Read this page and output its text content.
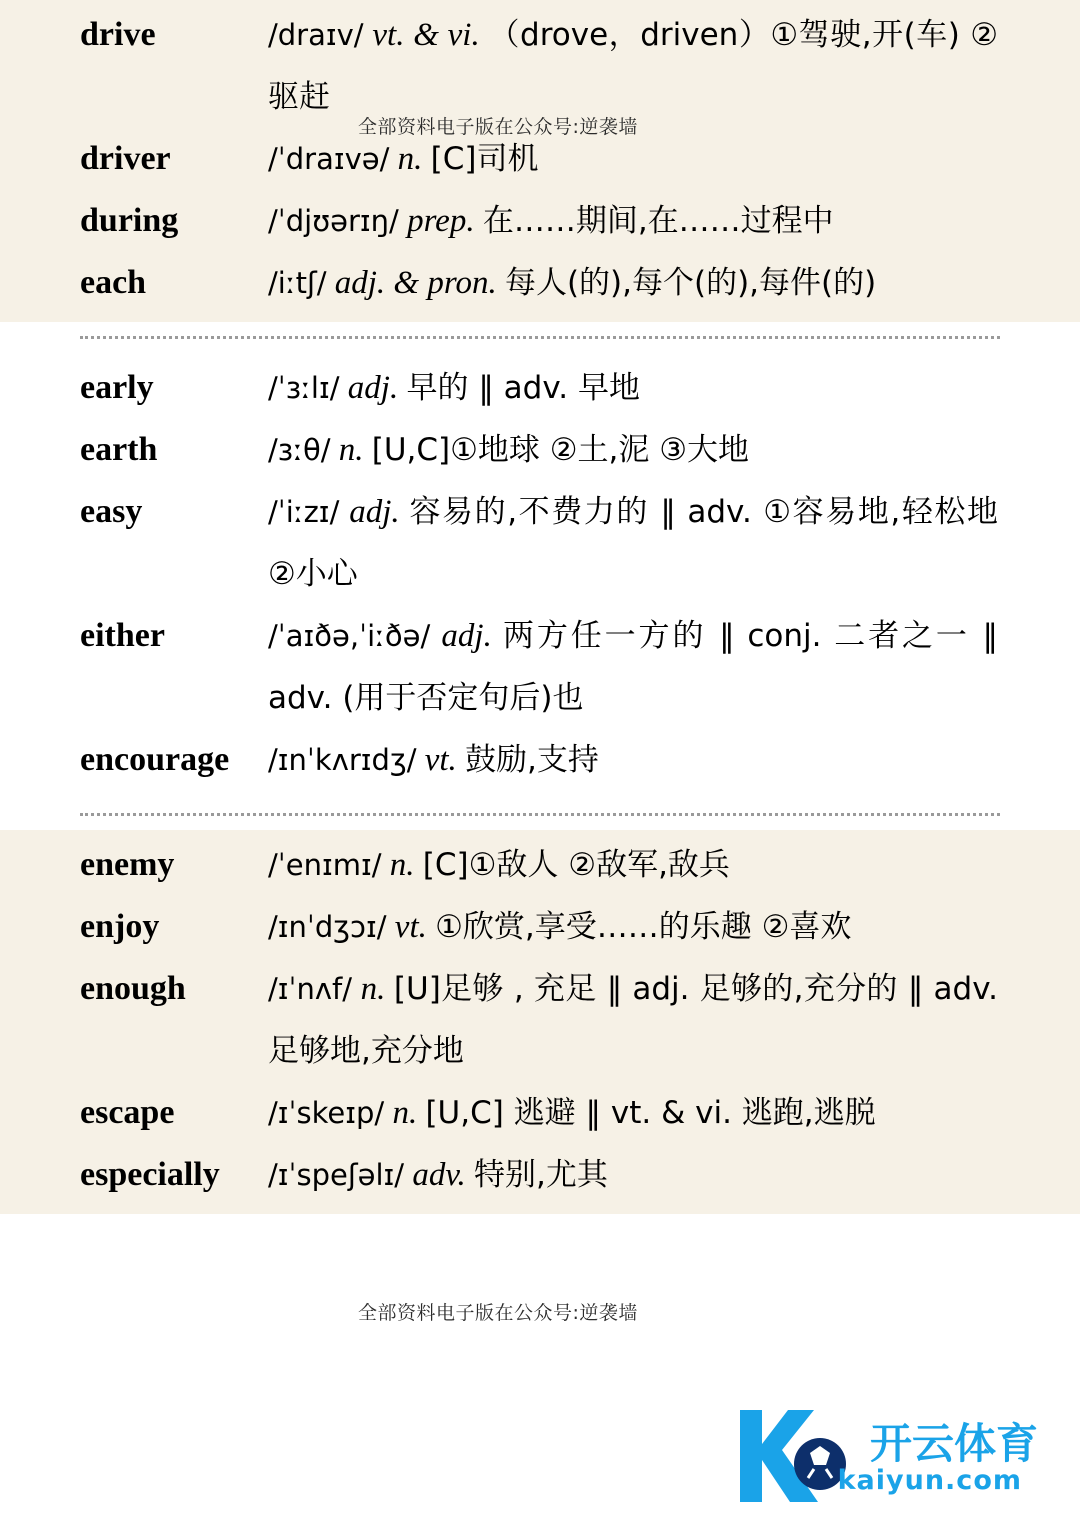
drive	/draɪv/ vt. & vi. （drove，driven）①驾驶,开(车) ②驱赶
driver	/ˈdraɪvə/ n. [C]司机
during	/ˈdjʊərɪŋ/ prep. 在……期间,在……过程中
each	/iːtʃ/ adj. & pron. 每人(的),每个(的),每件(的)
early	/ˈɜːlɪ/ adj. 早的 ‖ adv. 早地
earth	/ɜːθ/ n. [U,C]①地球 ②土,泥 ③大地
easy	/ˈiːzɪ/ adj. 容易的,不费力的 ‖ adv. ①容易地,轻松地 ②小心
either	/ˈaɪðə,ˈiːðə/ adj. 两方任一方的 ‖ conj. 二者之一 ‖ adv. (用于否定句后)也
encourage	/ɪnˈkʌrɪdʒ/ vt. 鼓励,支持
enemy	/ˈenɪmɪ/ n. [C]①敌人 ②敌军,敌兵
enjoy	/ɪnˈdʒɔɪ/ vt. ①欣赏,享受……的乐趣 ②喜欢
enough	/ɪˈnʌf/ n. [U]足够 , 充足 ‖ adj. 足够的,充分的 ‖ adv. 足够地,充分地
escape	/ɪˈskeɪp/ n. [U,C] 逃避 ‖ vt. & vi. 逃跑,逃脱
especially	/ɪˈspeʃəlɪ/ adv. 特别,尤其
全部资料电子版在公众号:逆袭墙
全部资料电子版在公众号:逆袭墙
开云体育
kaiyun.com
